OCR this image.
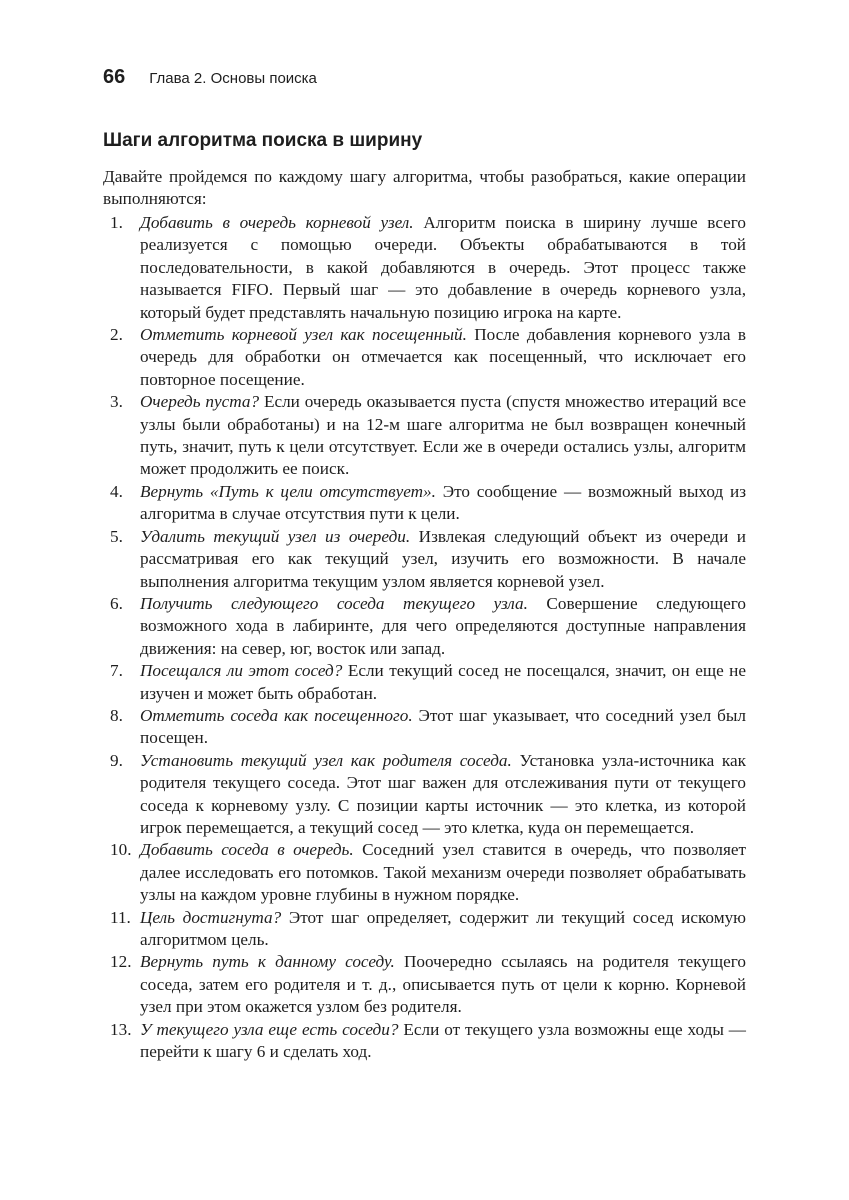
66 Глава 2. Основы поиска
Шаги алгоритма поиска в ширину

Давайте пройдемся по каждому шагу алгоритма, чтобы разобраться, какие операции выполняются:

1. Добавить в очередь корневой узел. Алгоритм поиска в ширину лучше всего реализуется с помощью очереди. Объекты обрабатываются в той последовательности, в какой добавляются в очередь. Этот процесс также называется FIFO. Первый шаг — это добавление в очередь корневого узла, который будет представлять начальную позицию игрока на карте.
2. Отметить корневой узел как посещенный. После добавления корневого узла в очередь для обработки он отмечается как посещенный, что исключает его повторное посещение.
3. Очередь пуста? Если очередь оказывается пуста (спустя множество итераций все узлы были обработаны) и на 12-м шаге алгоритма не был возвращен конечный путь, значит, путь к цели отсутствует. Если же в очереди остались узлы, алгоритм может продолжить ее поиск.
4. Вернуть «Путь к цели отсутствует». Это сообщение — возможный выход из алгоритма в случае отсутствия пути к цели.
5. Удалить текущий узел из очереди. Извлекая следующий объект из очереди и рассматривая его как текущий узел, изучить его возможности. В начале выполнения алгоритма текущим узлом является корневой узел.
6. Получить следующего соседа текущего узла. Совершение следующего возможного хода в лабиринте, для чего определяются доступные направления движения: на север, юг, восток или запад.
7. Посещался ли этот сосед? Если текущий сосед не посещался, значит, он еще не изучен и может быть обработан.
8. Отметить соседа как посещенного. Этот шаг указывает, что соседний узел был посещен.
9. Установить текущий узел как родителя соседа. Установка узла-источника как родителя текущего соседа. Этот шаг важен для отслеживания пути от текущего соседа к корневому узлу. С позиции карты источник — это клетка, из которой игрок перемещается, а текущий сосед — это клетка, куда он перемещается.
10. Добавить соседа в очередь. Соседний узел ставится в очередь, что позволяет далее исследовать его потомков. Такой механизм очереди позволяет обрабатывать узлы на каждом уровне глубины в нужном порядке.
11. Цель достигнута? Этот шаг определяет, содержит ли текущий сосед искомую алгоритмом цель.
12. Вернуть путь к данному соседу. Поочередно ссылаясь на родителя текущего соседа, затем его родителя и т. д., описывается путь от цели к корню. Корневой узел при этом окажется узлом без родителя.
13. У текущего узла еще есть соседи? Если от текущего узла возможны еще ходы — перейти к шагу 6 и сделать ход.
